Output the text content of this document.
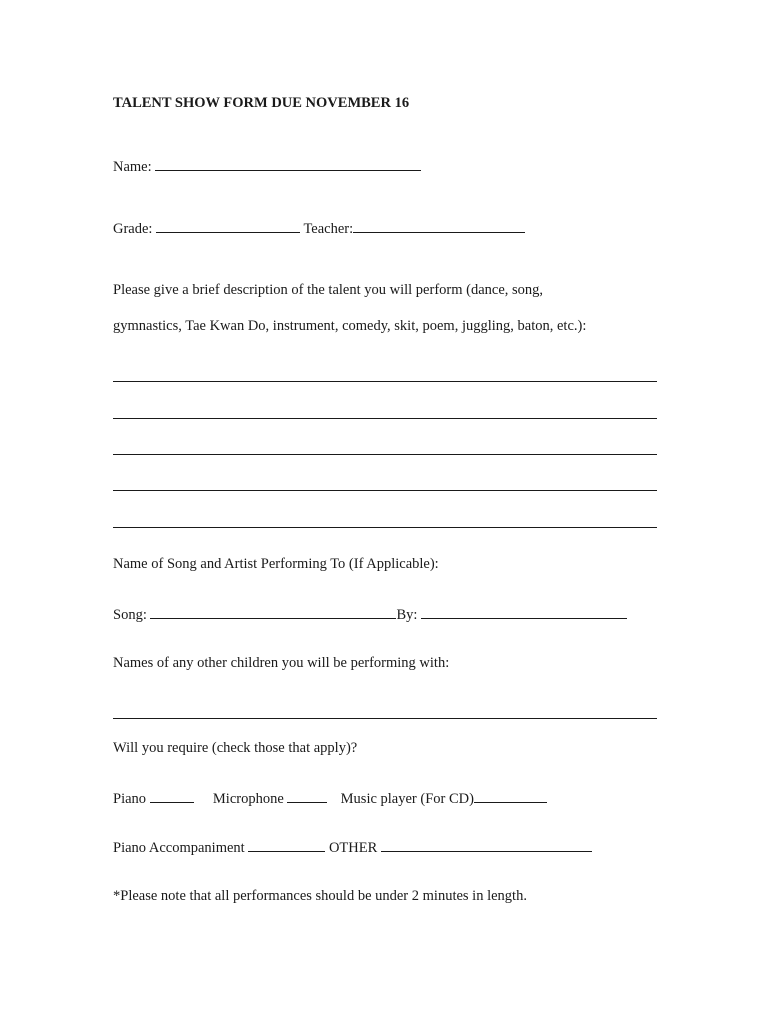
TALENT SHOW FORM DUE NOVEMBER 16
Name:
Grade:	Teacher:
Please give a brief description of the talent you will perform (dance, song,
gymnastics, Tae Kwan Do, instrument, comedy, skit, poem, juggling, baton, etc.):
Name of Song and Artist Performing To (If Applicable):
Song:	By:
Names of any other children you will be performing with:
Will you require (check those that apply)?
Piano	Microphone	Music player (For CD)
Piano Accompaniment	OTHER
*Please note that all performances should be under 2 minutes in length.
